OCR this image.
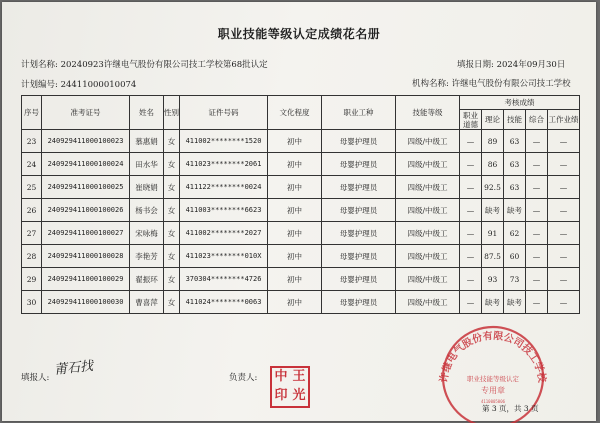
职业技能等级认定成绩花名册
计划名称: 20240923许继电气股份有限公司技工学校第68批认定	填报日期: 2024年09月30日
计划编号: 24411000010074	机构名称: 许继电气股份有限公司技工学校
序号	准考证号	姓名	性别	证件号码	文化程度	职业工种	技能等级	考核成绩				
								职业道德	理论	技能	综合	工作业绩
23	240929411000100023	慕惠娟	女	411002********1520	初中	母婴护理员	四级/中级工	—	89	63	—	—
24	240929411000100024	田水华	女	411023********2061	初中	母婴护理员	四级/中级工	—	86	63	—	—
25	240929411000100025	崔晓娟	女	411122********0024	初中	母婴护理员	四级/中级工	—	92.5	63	—	—
26	240929411000100026	杨书会	女	411003********6623	初中	母婴护理员	四级/中级工	—	缺考	缺考	—	—
27	240929411000100027	宋咏梅	女	411002********2027	初中	母婴护理员	四级/中级工	—	91	62	—	—
28	240929411000100028	李艳芳	女	411023********010X	初中	母婴护理员	四级/中级工	—	87.5	60	—	—
29	240929411000100029	翟振环	女	370304********4726	初中	母婴护理员	四级/中级工	—	93	73	—	—
30	240929411000100030	曹喜萍	女	411024********0063	初中	母婴护理员	四级/中级工	—	缺考	缺考	—	—
填报人:
莆石找
负责人: 中 王
印 光
许继电气股份有限公司技工学校
职业技能等级认定
专用章
4110005006
第 3 页，共 3 页
